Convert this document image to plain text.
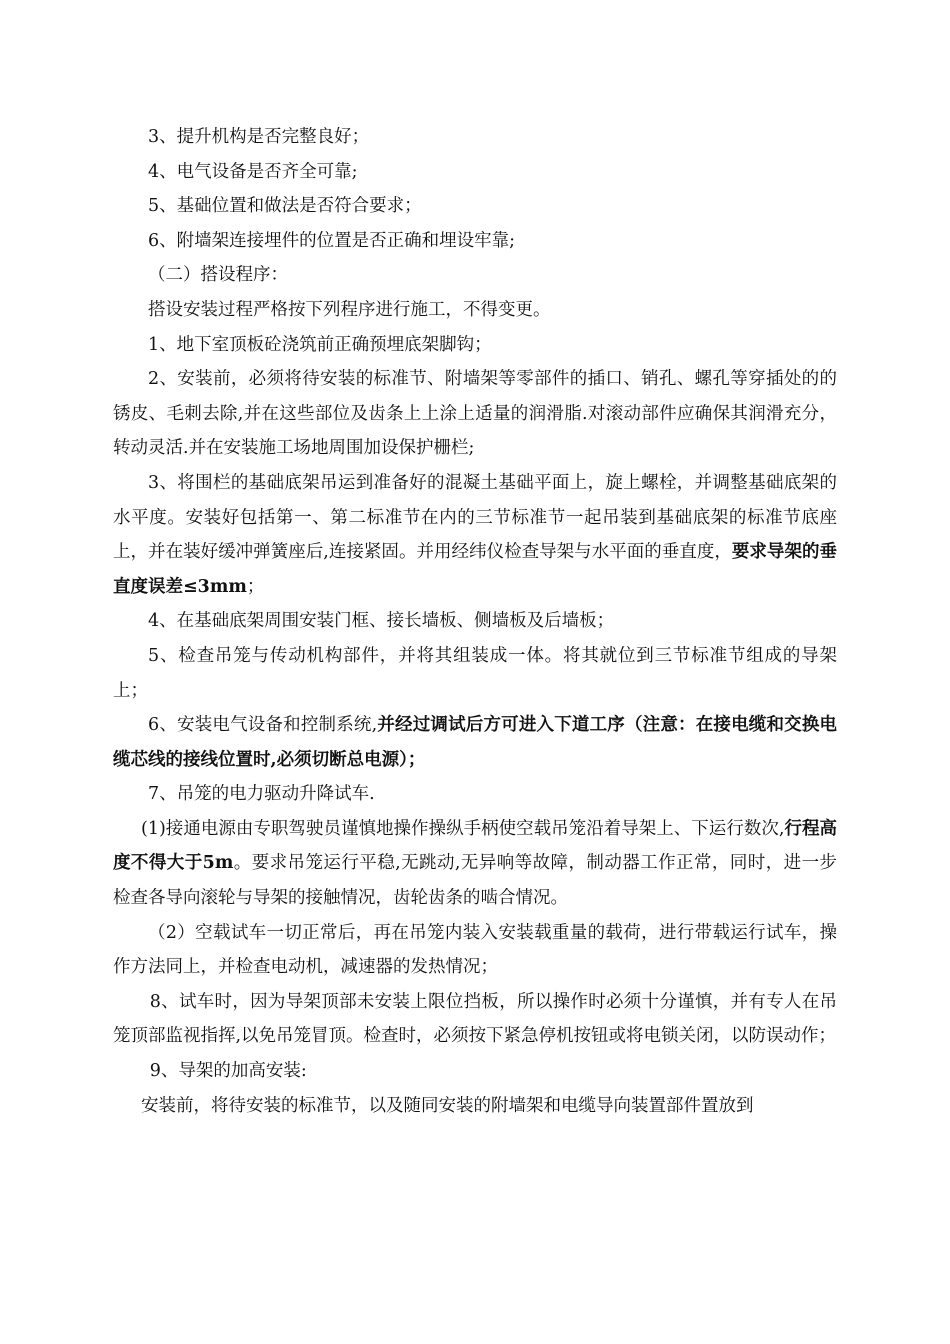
3、提升机构是否完整良好；

4、电气设备是否齐全可靠;

5、基础位置和做法是否符合要求；

6、附墙架连接埋件的位置是否正确和埋设牢靠;

（二）搭设程序：

搭设安装过程严格按下列程序进行施工，不得变更。

1、地下室顶板砼浇筑前正确预埋底架脚钩；

2、安装前，必须将待安装的标准节、附墙架等零部件的插口、销孔、螺孔等穿插处的的锈皮、毛刺去除,并在这些部位及齿条上上涂上适量的润滑脂.对滚动部件应确保其润滑充分，转动灵活.并在安装施工场地周围加设保护栅栏;

3、将围栏的基础底架吊运到准备好的混凝土基础平面上，旋上螺栓，并调整基础底架的水平度。安装好包括第一、第二标准节在内的三节标准节一起吊装到基础底架的标准节底座上，并在装好缓冲弹簧座后,连接紧固。并用经纬仪检查导架与水平面的垂直度，要求导架的垂直度误差≤3mm；

4、在基础底架周围安装门框、接长墙板、侧墙板及后墙板；

5、检查吊笼与传动机构部件，并将其组装成一体。将其就位到三节标准节组成的导架上；

6、安装电气设备和控制系统,并经过调试后方可进入下道工序（注意：在接电缆和交换电缆芯线的接线位置时,必须切断总电源）；

7、吊笼的电力驱动升降试车.

(1)接通电源由专职驾驶员谨慎地操作操纵手柄使空载吊笼沿着导架上、下运行数次,行程高度不得大于5m。要求吊笼运行平稳,无跳动,无异响等故障，制动器工作正常，同时，进一步检查各导向滚轮与导架的接触情况，齿轮齿条的啮合情况。

（2）空载试车一切正常后，再在吊笼内装入安装载重量的载荷，进行带载运行试车，操作方法同上，并检查电动机，减速器的发热情况；

8、试车时，因为导架顶部未安装上限位挡板，所以操作时必须十分谨慎，并有专人在吊笼顶部监视指挥,以免吊笼冒顶。检查时，必须按下紧急停机按钮或将电锁关闭，以防误动作；

9、导架的加高安装:

安装前，将待安装的标准节，以及随同安装的附墙架和电缆导向装置部件置放到
